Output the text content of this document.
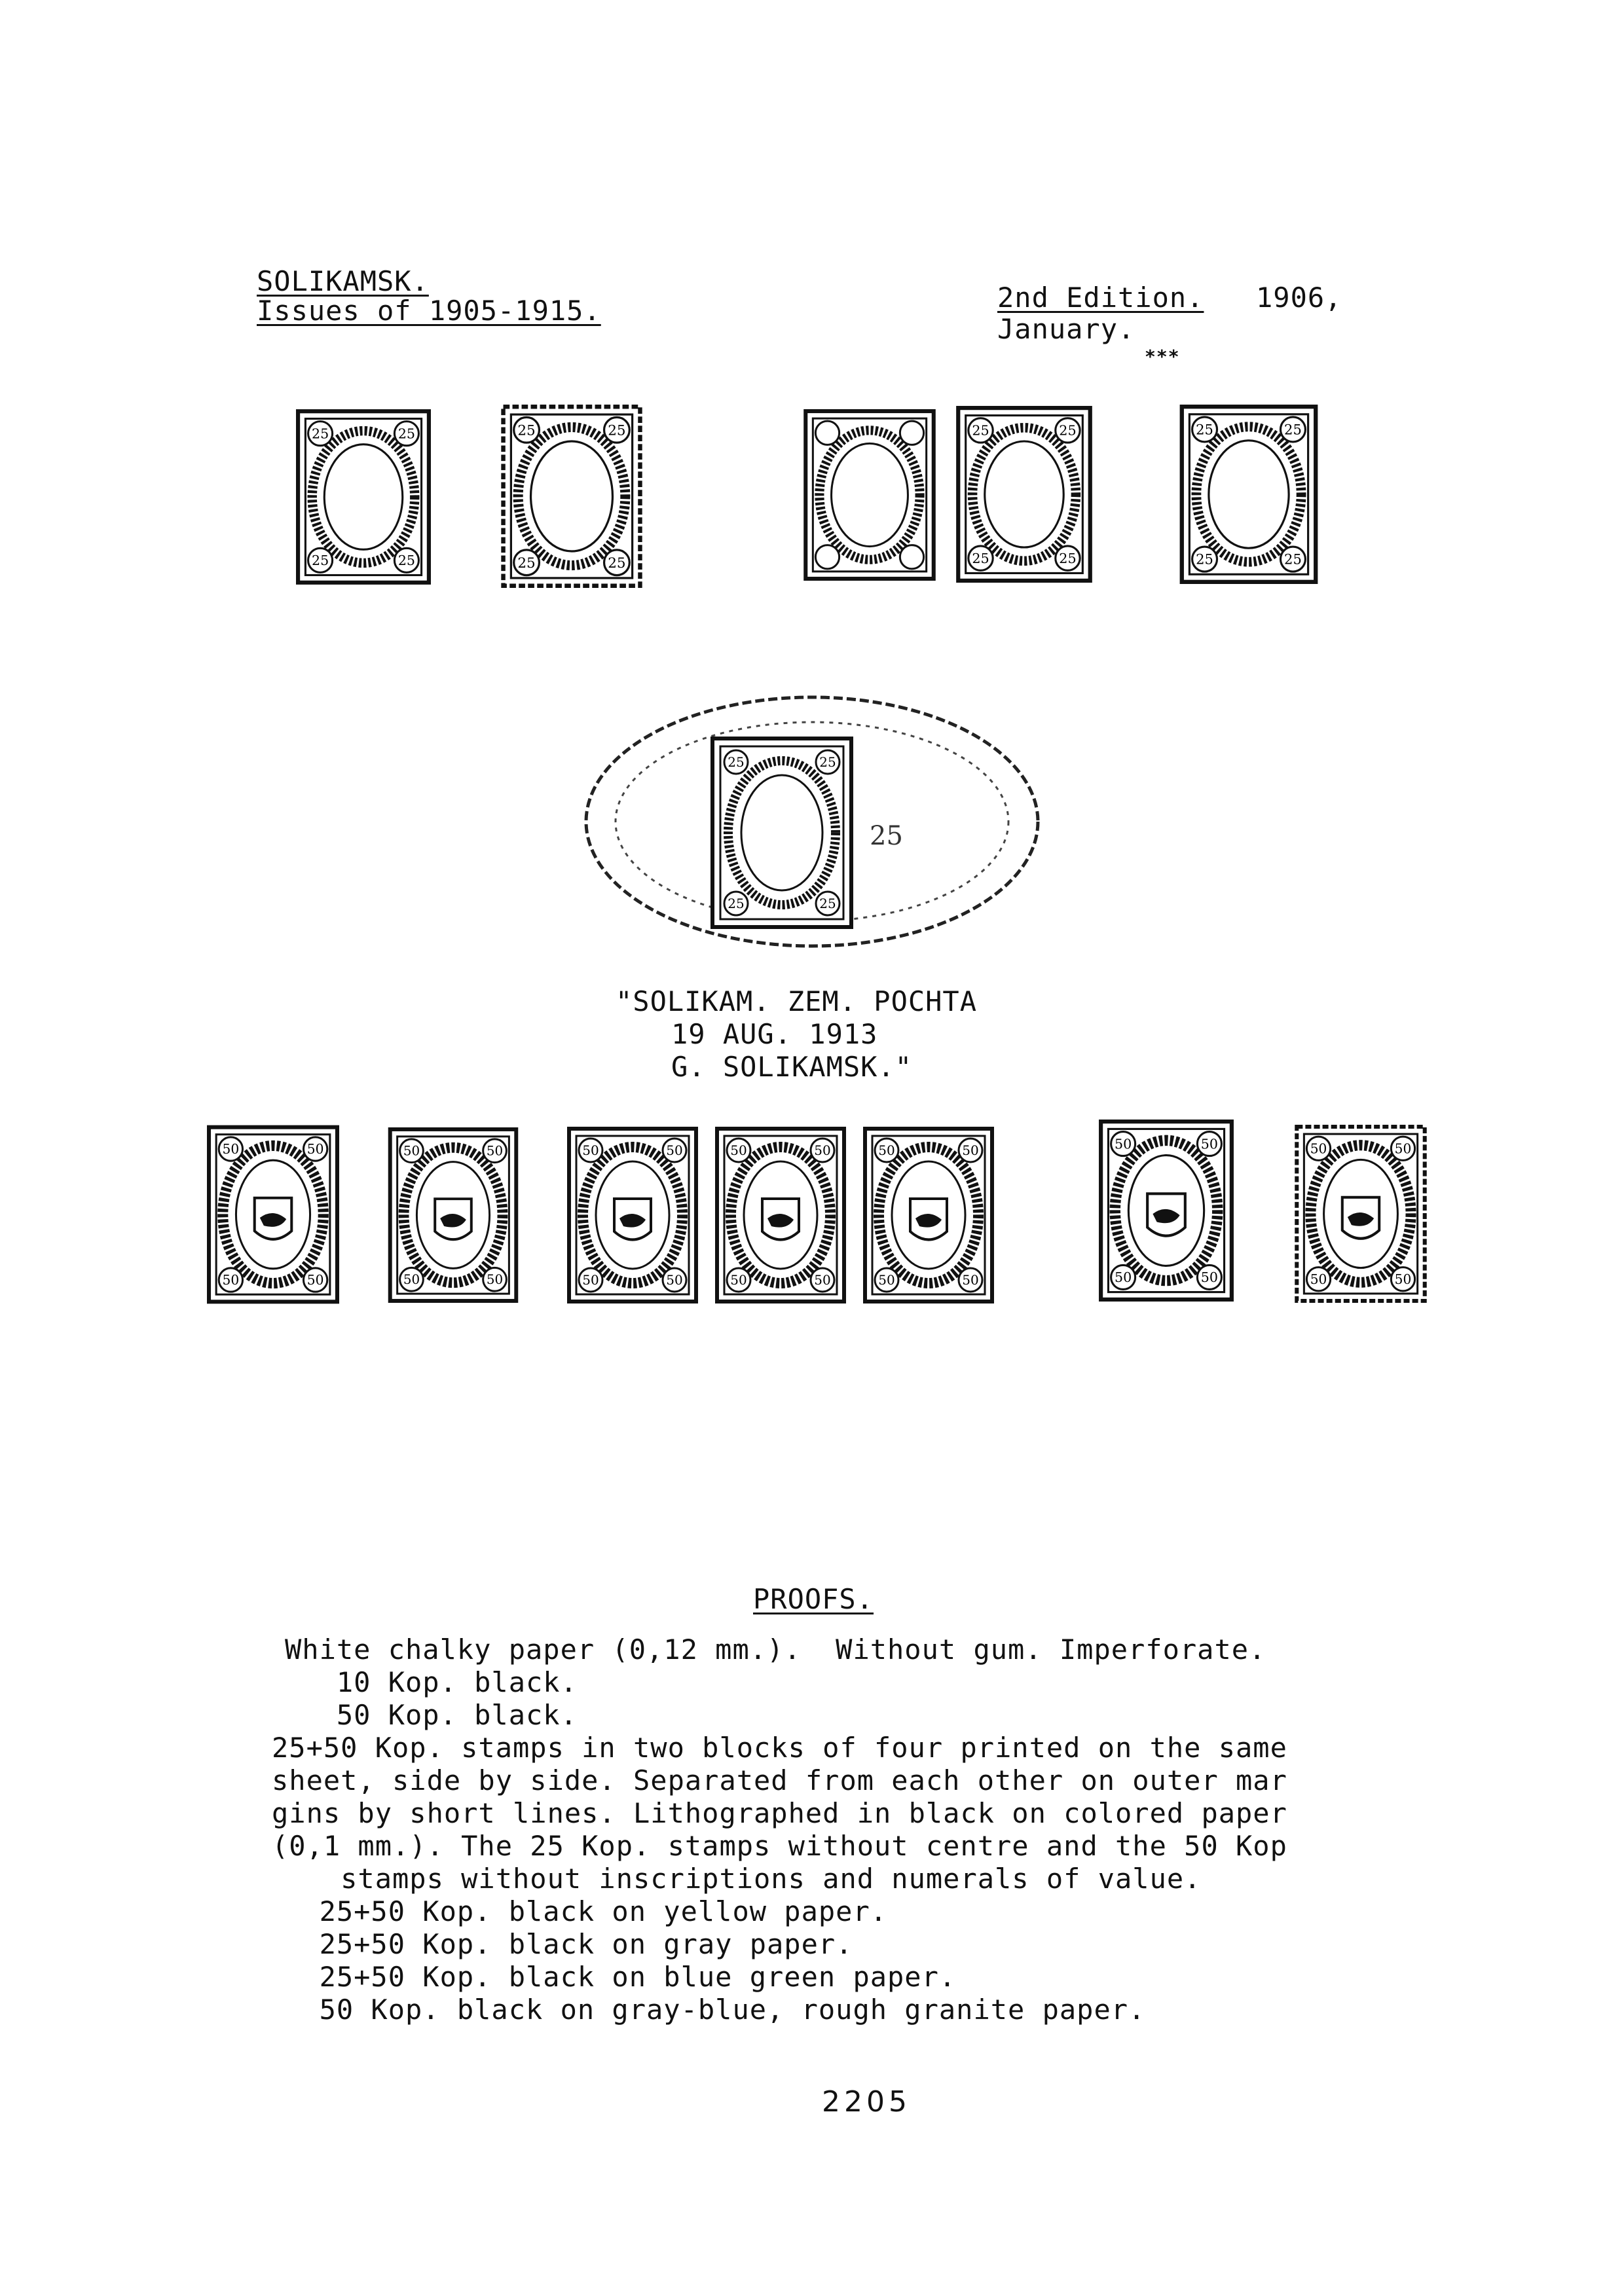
SOLIKAMSK.
Issues of 1905-1915.	2nd Edition. 1906,
January.
***
25	25
25	25
25	25
25	25
25	25
25	25
25	25
25	25
25	25
25	25
25
"SOLIKAM. ZEM. POCHTA
19 AUG. 1913
G. SOLIKAMSK."
50	50
50	50
50	50
50	50
50	50
50	50
50	50
50	50
50	50
50	50
50	50
50	50
50	50
50	50
PROOFS.
White chalky paper (0,12 mm.).  Without gum. Imperforate.
10 Kop. black.
50 Kop. black.
25+50 Kop. stamps in two blocks of four printed on the same
sheet, side by side. Separated from each other on outer mar
gins by short lines. Lithographed in black on colored paper
(0,1 mm.). The 25 Kop. stamps without centre and the 50 Kop
stamps without inscriptions and numerals of value.
25+50 Kop. black on yellow paper.
25+50 Kop. black on gray paper.
25+50 Kop. black on blue green paper.
50 Kop. black on gray-blue, rough granite paper.
2205
